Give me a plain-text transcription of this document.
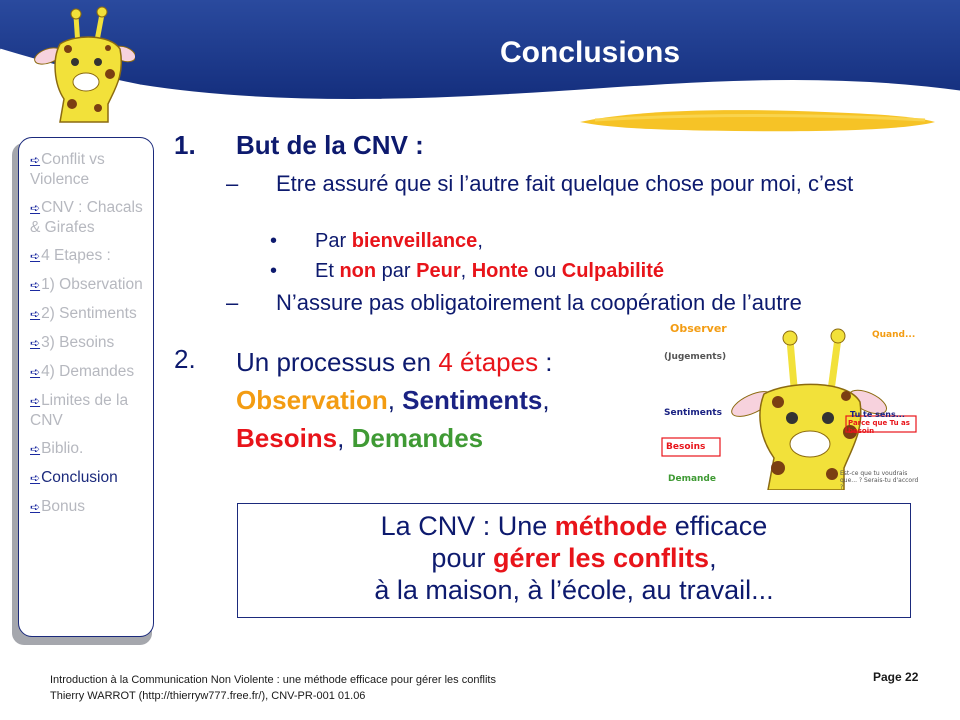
Conclusions
➪Conflit vs Violence
➪CNV : Chacals & Girafes
➪4 Etapes :
➪1) Observation
➪2) Sentiments
➪3) Besoins
➪4) Demandes
➪Limites de la CNV
➪Biblio.
➪Conclusion
➪Bonus
1. But de la CNV :
– Etre assuré que si l’autre fait quelque chose pour moi, c’est
• Par bienveillance,
• Et non par Peur, Honte ou Culpabilité
– N’assure pas obligatoirement la coopération de l’autre
2. Un processus en 4 étapes :
Observation, Sentiments,
Besoins, Demandes
Observer	Quand...
(Jugements)
Sentiments	Tu te sens...
Besoins
Parce que Tu as besoin
Demande
Est-ce que tu voudrais que... ? Serais-tu d'accord ?
La CNV : Une méthode efficace
pour gérer les conflits,
à la maison, à l’école, au travail...
Introduction à la Communication Non Violente : une méthode efficace pour gérer les conflits
Thierry WARROT (http://thierryw777.free.fr/), CNV-PR-001 01.06
Page 22
